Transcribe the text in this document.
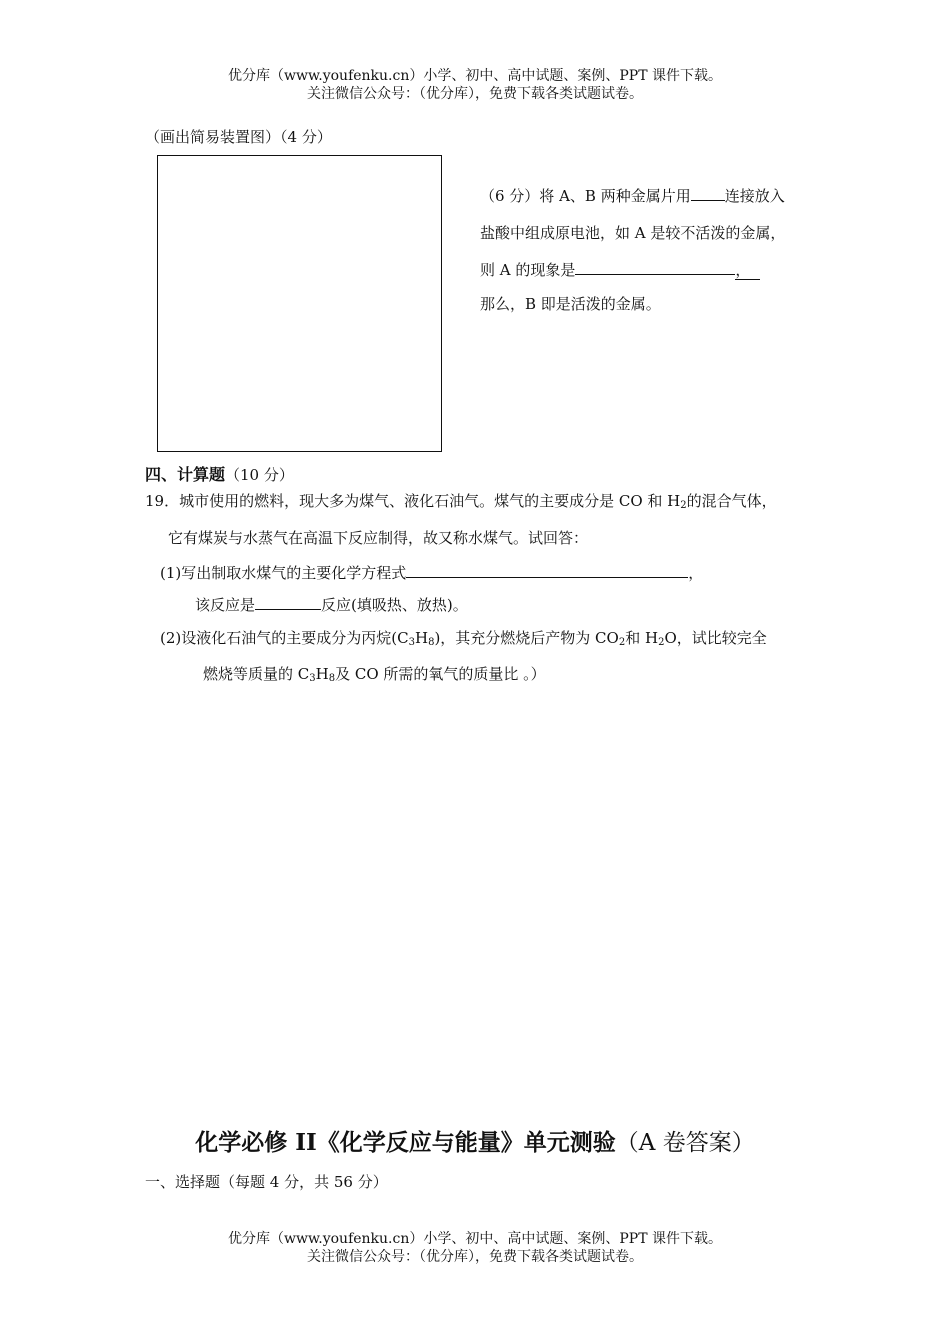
优分库（www.youfenku.cn）小学、初中、高中试题、案例、PPT 课件下载。
关注微信公众号：（优分库），免费下载各类试题试卷。
（画出简易装置图）（4 分）
（6 分）将 A、B 两种金属片用 连接放入
盐酸中组成原电池，如 A 是较不活泼的金属，
则 A 的现象是	，
那么，B 即是活泼的金属。
四、计算题（10 分）
19．城市使用的燃料，现大多为煤气、液化石油气。煤气的主要成分是 CO 和 $H_2$的混合气体，
它有煤炭与水蒸气在高温下反应制得，故又称水煤气。试回答：
(1)写出制取水煤气的主要化学方程式	，
该反应是	反应(填吸热、放热)。
(2)设液化石油气的主要成分为丙烷$(C_3H_8)$，其充分燃烧后产物为 $CO_2$和 $H_2O$，试比较完全
燃烧等质量的 $C_3H_8$及 CO 所需的氧气的质量比 。）
化学必修 II《化学反应与能量》单元测验（A 卷答案）
一、选择题（每题 4 分，共 56 分）
优分库（www.youfenku.cn）小学、初中、高中试题、案例、PPT 课件下载。
关注微信公众号：（优分库），免费下载各类试题试卷。
